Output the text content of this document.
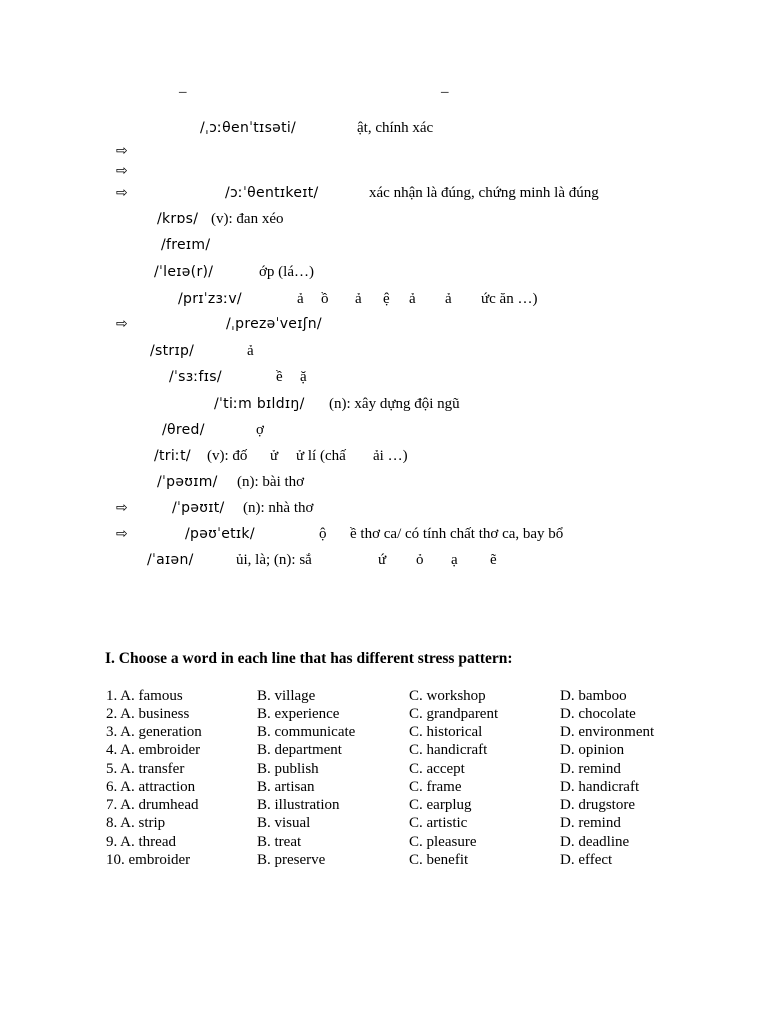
–	–
⇨
⇨
⇨
⇨
⇨
⇨
/ˌɔːθenˈtɪsəti/	ật, chính xác
/ɔːˈθentɪkeɪt/	xác nhận là đúng, chứng minh là đúng
/krɒs/ (v): đan xéo
/freɪm/
/ˈleɪə(r)/	ớp (lá…)
/prɪˈzɜːv/	ả ồ ả ệ ả ả ức ăn …)
/ˌprezəˈveɪʃn/
/strɪp/	ả
/ˈsɜːfɪs/	ề ặ
/ˈtiːm bɪldɪŋ/ (n): xây dựng đội ngũ
/θred/	ợ
/triːt/ (v): đố ử ử lí (chấ ải …)
/ˈpəʊɪm/ (n): bài thơ
/ˈpəʊɪt/ (n): nhà thơ
/pəʊˈetɪk/	ộ ề thơ ca/ có tính chất thơ ca, bay bổ
/ˈaɪən/	ủi, là; (n): sắ	ứ ỏ ạ ẽ
I. Choose a word in each line that has different stress pattern:
1. A. famous	B. village	C. workshop	D. bamboo
2. A. business	B. experience	C. grandparent	D. chocolate
3. A. generation	B. communicate	C. historical	D. environment
4. A. embroider	B. department	C. handicraft	D. opinion
5. A. transfer	B. publish	C. accept	D. remind
6. A. attraction	B. artisan	C. frame	D. handicraft
7. A. drumhead	B. illustration	C. earplug	D. drugstore
8. A. strip	B. visual	C. artistic	D. remind
9. A. thread	B. treat	C. pleasure	D. deadline
10. embroider	B. preserve	C. benefit	D. effect
